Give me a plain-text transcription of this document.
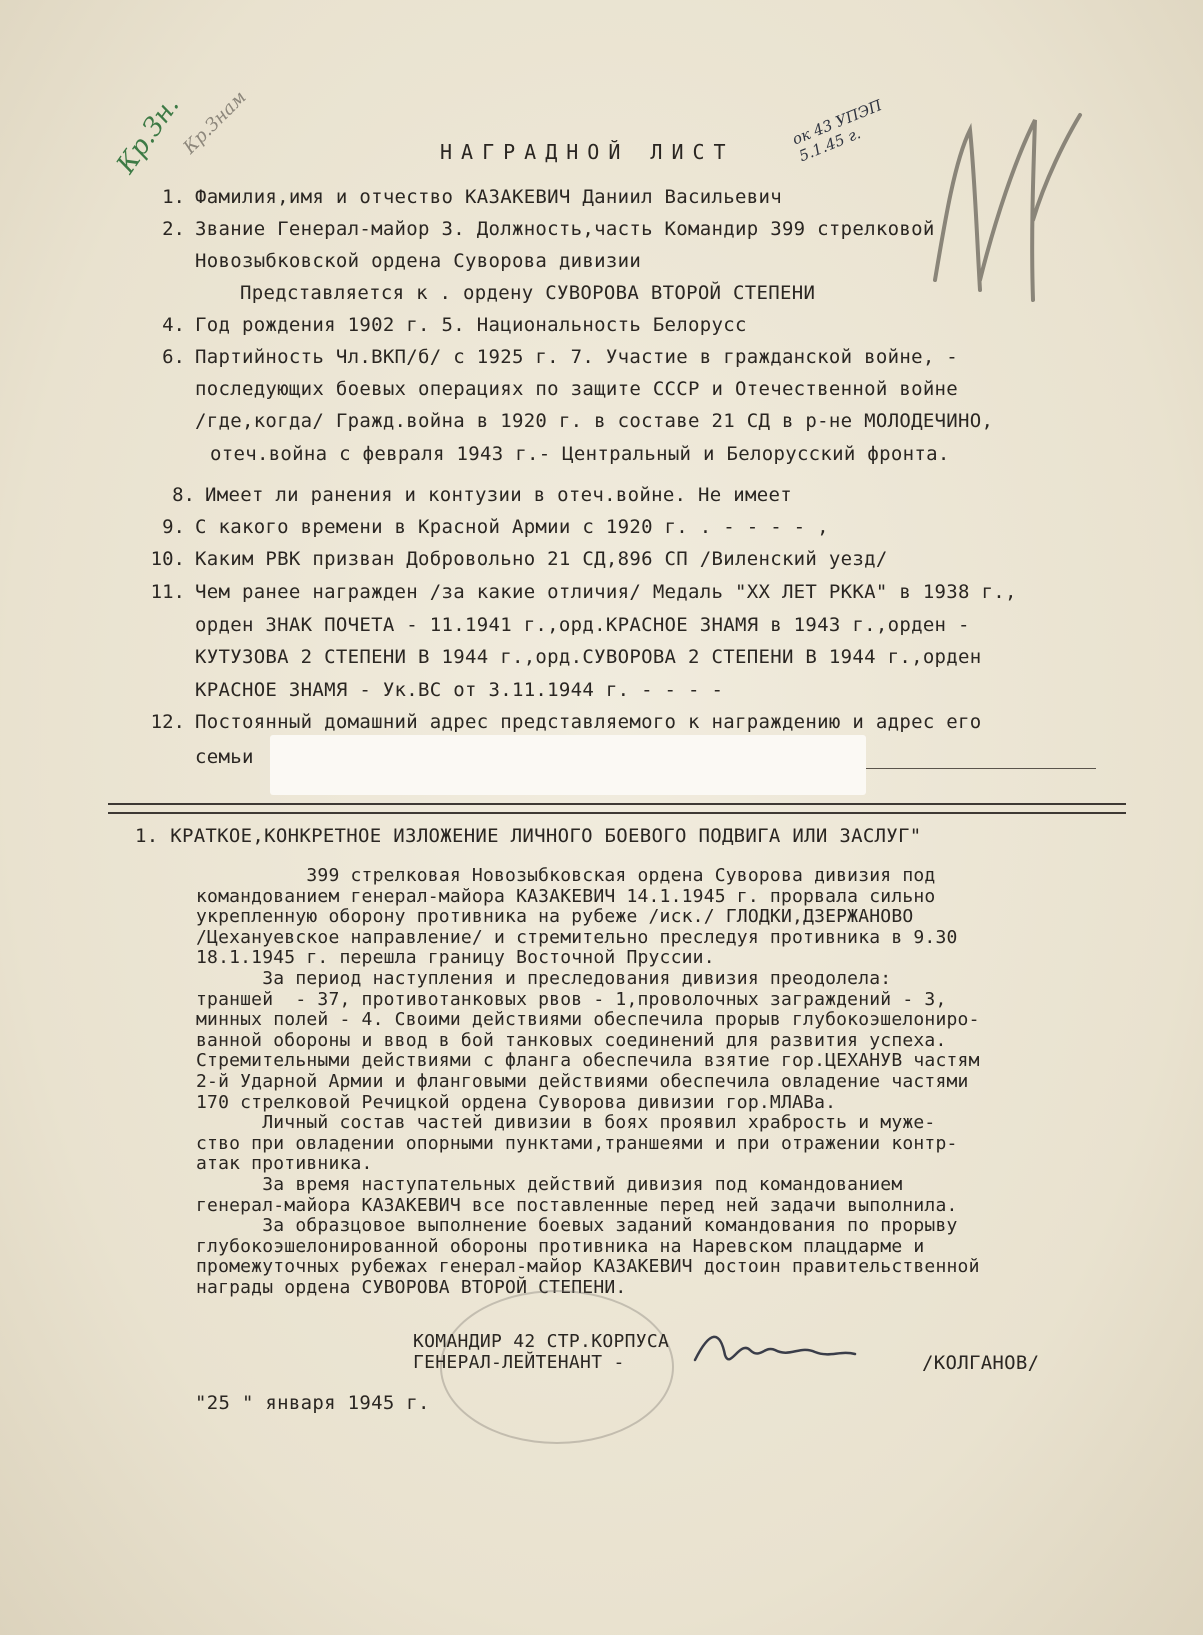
Кр.Зн.
Кр.Знам	ок 43 УПЭП 5.1.45 г.
НАГРАДНОЙ ЛИСТ
1. Фамилия,имя и отчество КАЗАКЕВИЧ Даниил Васильевич
2. Звание Генерал-майор 3. Должность,часть Командир 399 стрелковой
Новозыбковской ордена Суворова дивизии
Представляется к . ордену СУВОРОВА ВТОРОЙ СТЕПЕНИ
4. Год рождения 1902 г. 5. Национальность Белорусс
6. Партийность Чл.ВКП/б/ с 1925 г. 7. Участие в гражданской войне, -
последующих боевых операциях по защите СССР и Отечественной войне
/где,когда/ Гражд.война в 1920 г. в составе 21 СД в р-не МОЛОДЕЧИНО,
отеч.война с февраля 1943 г.- Центральный и Белорусский фронта.
8. Имеет ли ранения и контузии в отеч.войне. Не имеет
9. С какого времени в Красной Армии с 1920 г. . - - - - ,
10. Каким РВК призван Добровольно 21 СД,896 СП /Виленский уезд/
11. Чем ранее награжден /за какие отличия/ Медаль "XX ЛЕТ РККА" в 1938 г.,
орден ЗНАК ПОЧЕТА - 11.1941 г.,орд.КРАСНОЕ ЗНАМЯ в 1943 г.,орден -
КУТУЗОВА 2 СТЕПЕНИ В 1944 г.,орд.СУВОРОВА 2 СТЕПЕНИ В 1944 г.,орден
КРАСНОЕ ЗНАМЯ - Ук.ВС от 3.11.1944 г. - - - -
12. Постоянный домашний адрес представляемого к награждению и адрес его
семьи
1. КРАТКОЕ,КОНКРЕТНОЕ ИЗЛОЖЕНИЕ ЛИЧНОГО БОЕВОГО ПОДВИГА ИЛИ ЗАСЛУГ"
399 стрелковая Новозыбковская ордена Суворова дивизия под
командованием генерал-майора КАЗАКЕВИЧ 14.1.1945 г. прорвала сильно
укрепленную оборону противника на рубеже /иск./ ГЛОДКИ,ДЗЕРЖАНОВО
/Цехануевское направление/ и стремительно преследуя противника в 9.30
18.1.1945 г. перешла границу Восточной Пруссии.
За период наступления и преследования дивизия преодолела:
траншей  - 37, противотанковых рвов - 1,проволочных заграждений - 3,
минных полей - 4. Своими действиями обеспечила прорыв глубокоэшелониро-
ванной обороны и ввод в бой танковых соединений для развития успеха.
Стремительными действиями с фланга обеспечила взятие гор.ЦЕХАНУВ частям
2-й Ударной Армии и фланговыми действиями обеспечила овладение частями
170 стрелковой Речицкой ордена Суворова дивизии гор.МЛАВа.
Личный состав частей дивизии в боях проявил храбрость и муже-
ство при овладении опорными пунктами,траншеями и при отражении контр-
атак противника.
За время наступательных действий дивизия под командованием
генерал-майора КАЗАКЕВИЧ все поставленные перед ней задачи выполнила.
За образцовое выполнение боевых заданий командования по прорыву
глубокоэшелонированной обороны противника на Наревском плацдарме и
промежуточных рубежах генерал-майор КАЗАКЕВИЧ достоин правительственной
награды ордена СУВОРОВА ВТОРОЙ СТЕПЕНИ.
КОМАНДИР 42 СТР.КОРПУСА
ГЕНЕРАЛ-ЛЕЙТЕНАНТ -	/КОЛГАНОВ/
"25 " января 1945 г.
